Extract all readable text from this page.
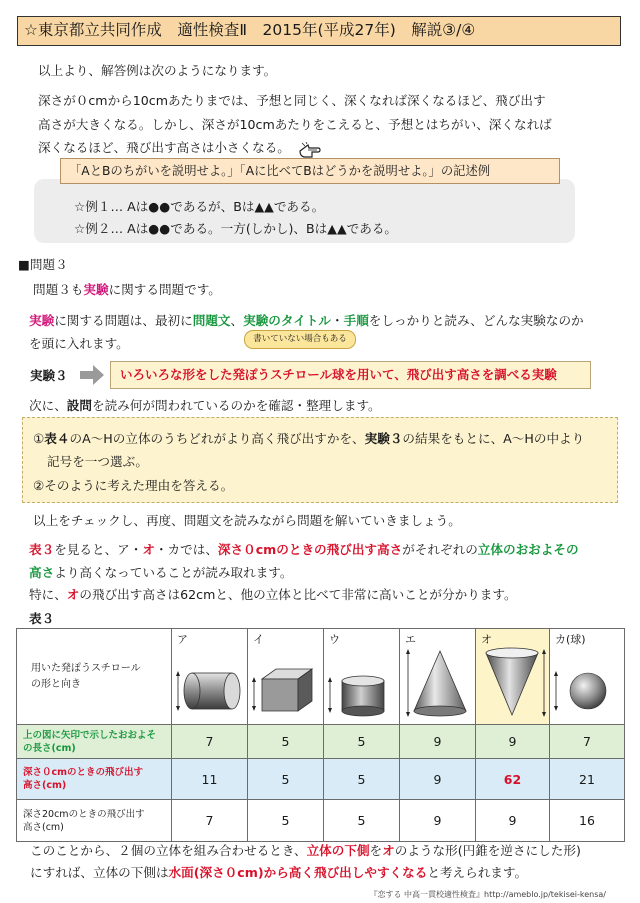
☆東京都立共同作成　適性検査Ⅱ　2015年(平成27年)　解説③/④
以上より、解答例は次のようになります。
深さが０cmから10cmあたりまでは、予想と同じく、深くなれば深くなるほど、飛び出す
高さが大きくなる。しかし、深さが10cmあたりをこえると、予想とはちがい、深くなれば
深くなるほど、飛び出す高さは小さくなる。
「AとBのちがいを説明せよ。」「Aに比べてBはどうかを説明せよ。」の記述例
☆例１… Aは●●であるが、Bは▲▲である。
☆例２… Aは●●である。一方(しかし)、Bは▲▲である。
■問題３
問題３も実験に関する問題です。
実験に関する問題は、最初に問題文、実験のタイトル・手順をしっかりと読み、どんな実験なのか
を頭に入れます。	書いていない場合もある
実験３	いろいろな形をした発ぽうスチロール球を用いて、飛び出す高さを調べる実験
次に、設問を読み何が問われているのかを確認・整理します。
①表４のA〜Hの立体のうちどれがより高く飛び出すかを、実験３の結果をもとに、A〜Hの中より
記号を一つ選ぶ。
②そのように考えた理由を答える。
以上をチェックし、再度、問題文を読みながら問題を解いていきましょう。
表３を見ると、ア・オ・カでは、深さ０cmのときの飛び出す高さがそれぞれの立体のおおよその
高さより高くなっていることが読み取れます。
特に、オの飛び出す高さは62cmと、他の立体と比べて非常に高いことが分かります。
表３
用いた発ぽうスチロール
の形と向き	ア	イ	ウ	エ	オ	カ(球)

上の図に矢印で示したおおよそ
の長さ(cm)	7	5	5	9	9	7
深さ０cmのときの飛び出す
高さ(cm)	11	5	5	9	62	21
深さ20cmのときの飛び出す
高さ(cm)	7	5	5	9	9	16
このことから、２個の立体を組み合わせるとき、立体の下側をオのような形(円錐を逆さにした形)
にすれば、立体の下側は水面(深さ０cm)から高く飛び出しやすくなると考えられます。
『恋する 中高一貫校適性検査』http://ameblo.jp/tekisei-kensa/
